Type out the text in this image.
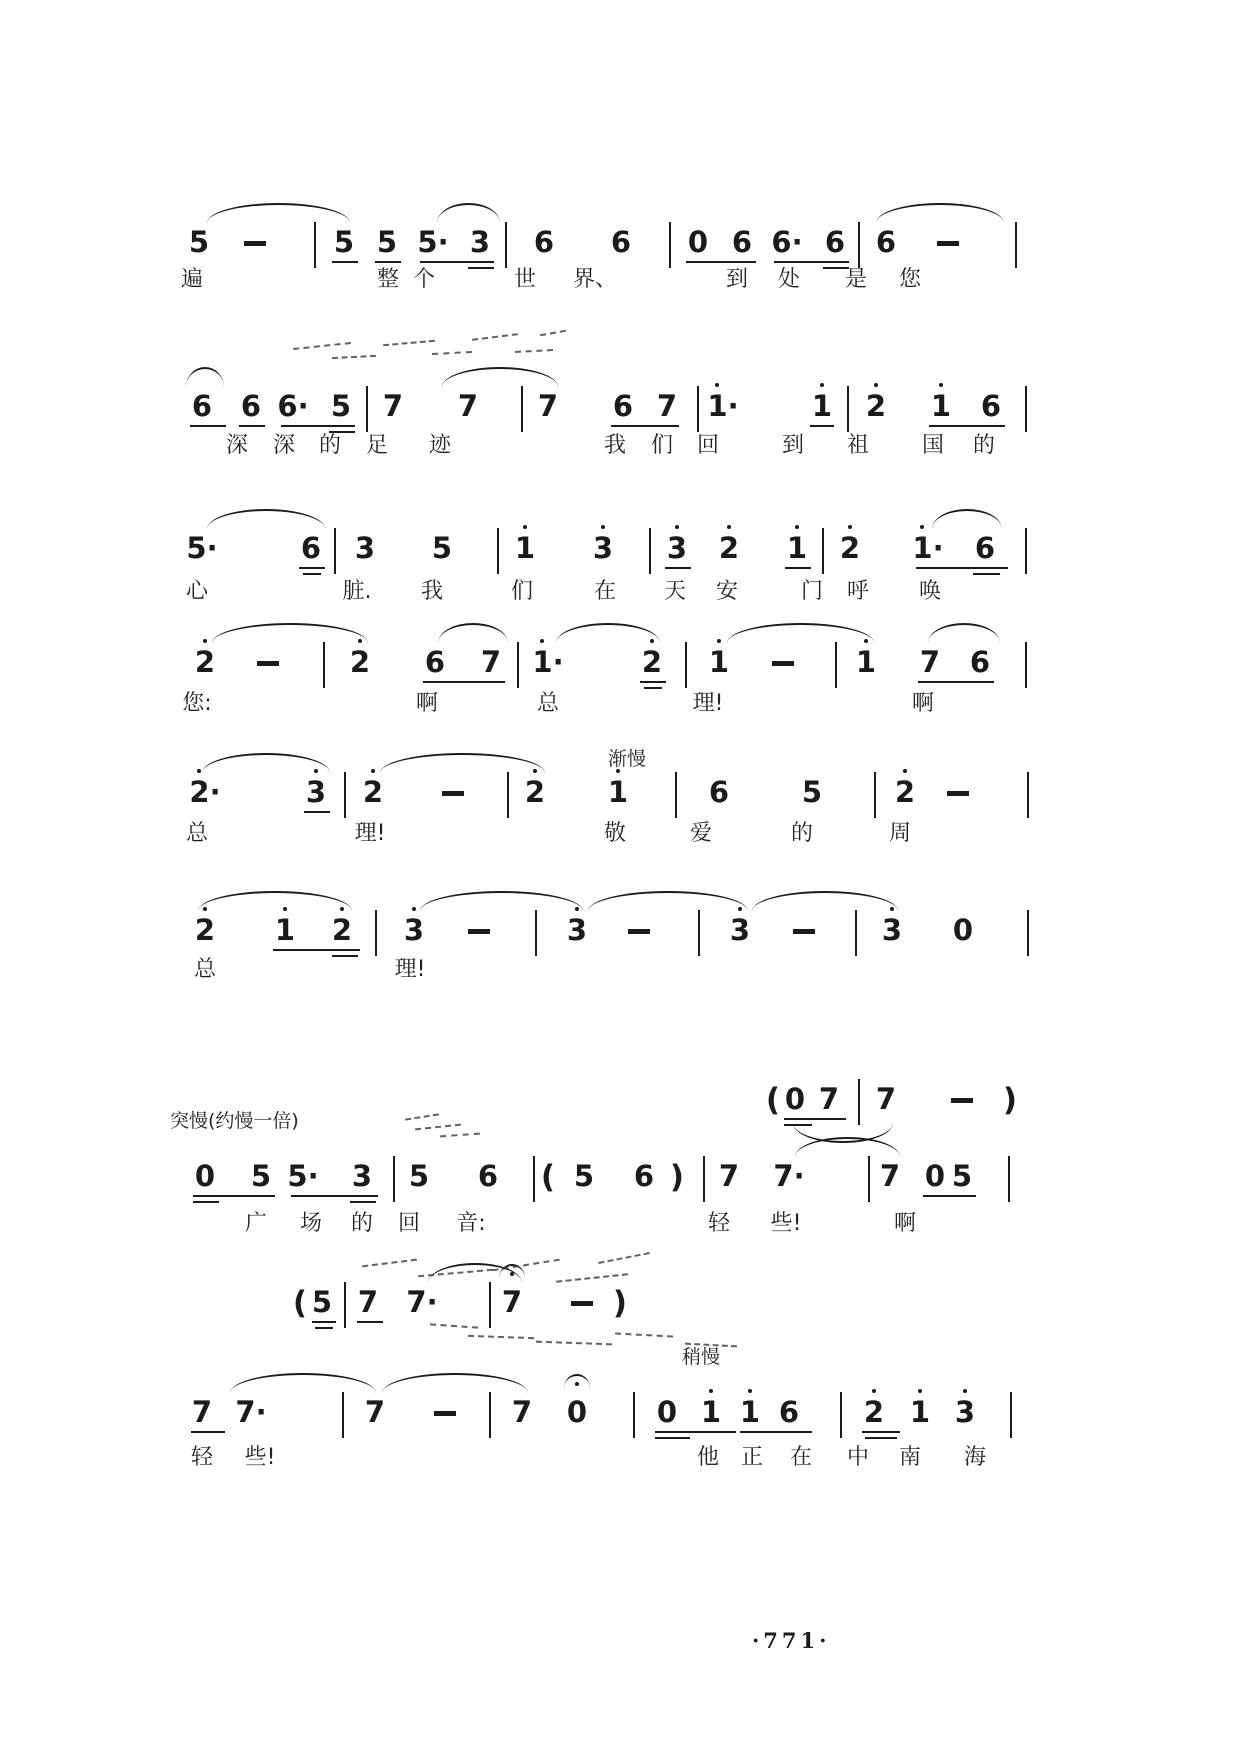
5	5 5 5· 3 6 6 0 6 6· 6 6
遍	整 个	世 界、	到 处 是 您
6 6 6· 5 7 7 7 6 7 1·	1 2 1 6
深 深 的 足 迹	我 们 回	到 祖 国 的
5·	6 3 5 1 3 3 2 1 2 1· 6
心	脏. 我	们	在 天 安	门 呼 唤
2	2 6 7 1·	2 1	1 7 6
您:	啊	总	理!	啊
2·	3 2	2 1	6	5	2
总	理!	敬	爱	的	周
渐慢
2 1 2 3	3	3	3 0
总	理!
( 0 7 7	)
0 5 5· 3 5 6 ( 5 6 ) 7 7·	7 0 5
广 场 的 回 音:	轻 些!	啊
突慢(约慢一倍)
( 5 7 7· 7	)
7 7·	7	7 0 0 1 1 6 2 1 3
轻 些!	他 正 在 中 南 海
稍慢
·771·
